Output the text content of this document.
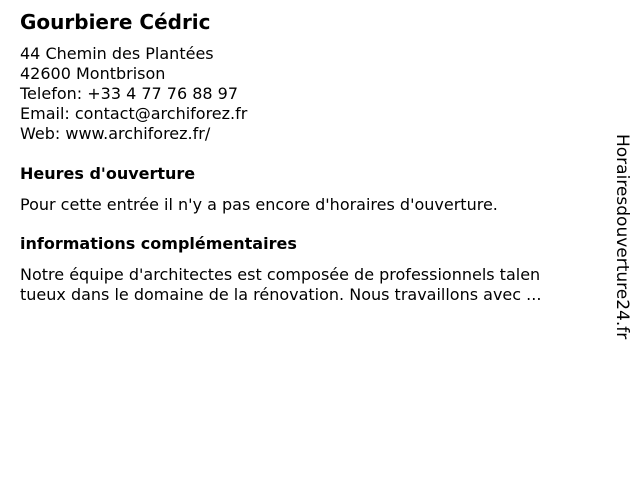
Gourbiere Cédric
44 Chemin des Plantées
42600 Montbrison
Telefon: +33 4 77 76 88 97
Email: contact@archiforez.fr
Web: www.archiforez.fr/
Heures d'ouverture
Pour cette entrée il n'y a pas encore d'horaires d'ouverture.
informations complémentaires
Notre équipe d'architectes est composée de professionnels talen
tueux dans le domaine de la rénovation. Nous travaillons avec ...	Horairesdouverture24.fr
